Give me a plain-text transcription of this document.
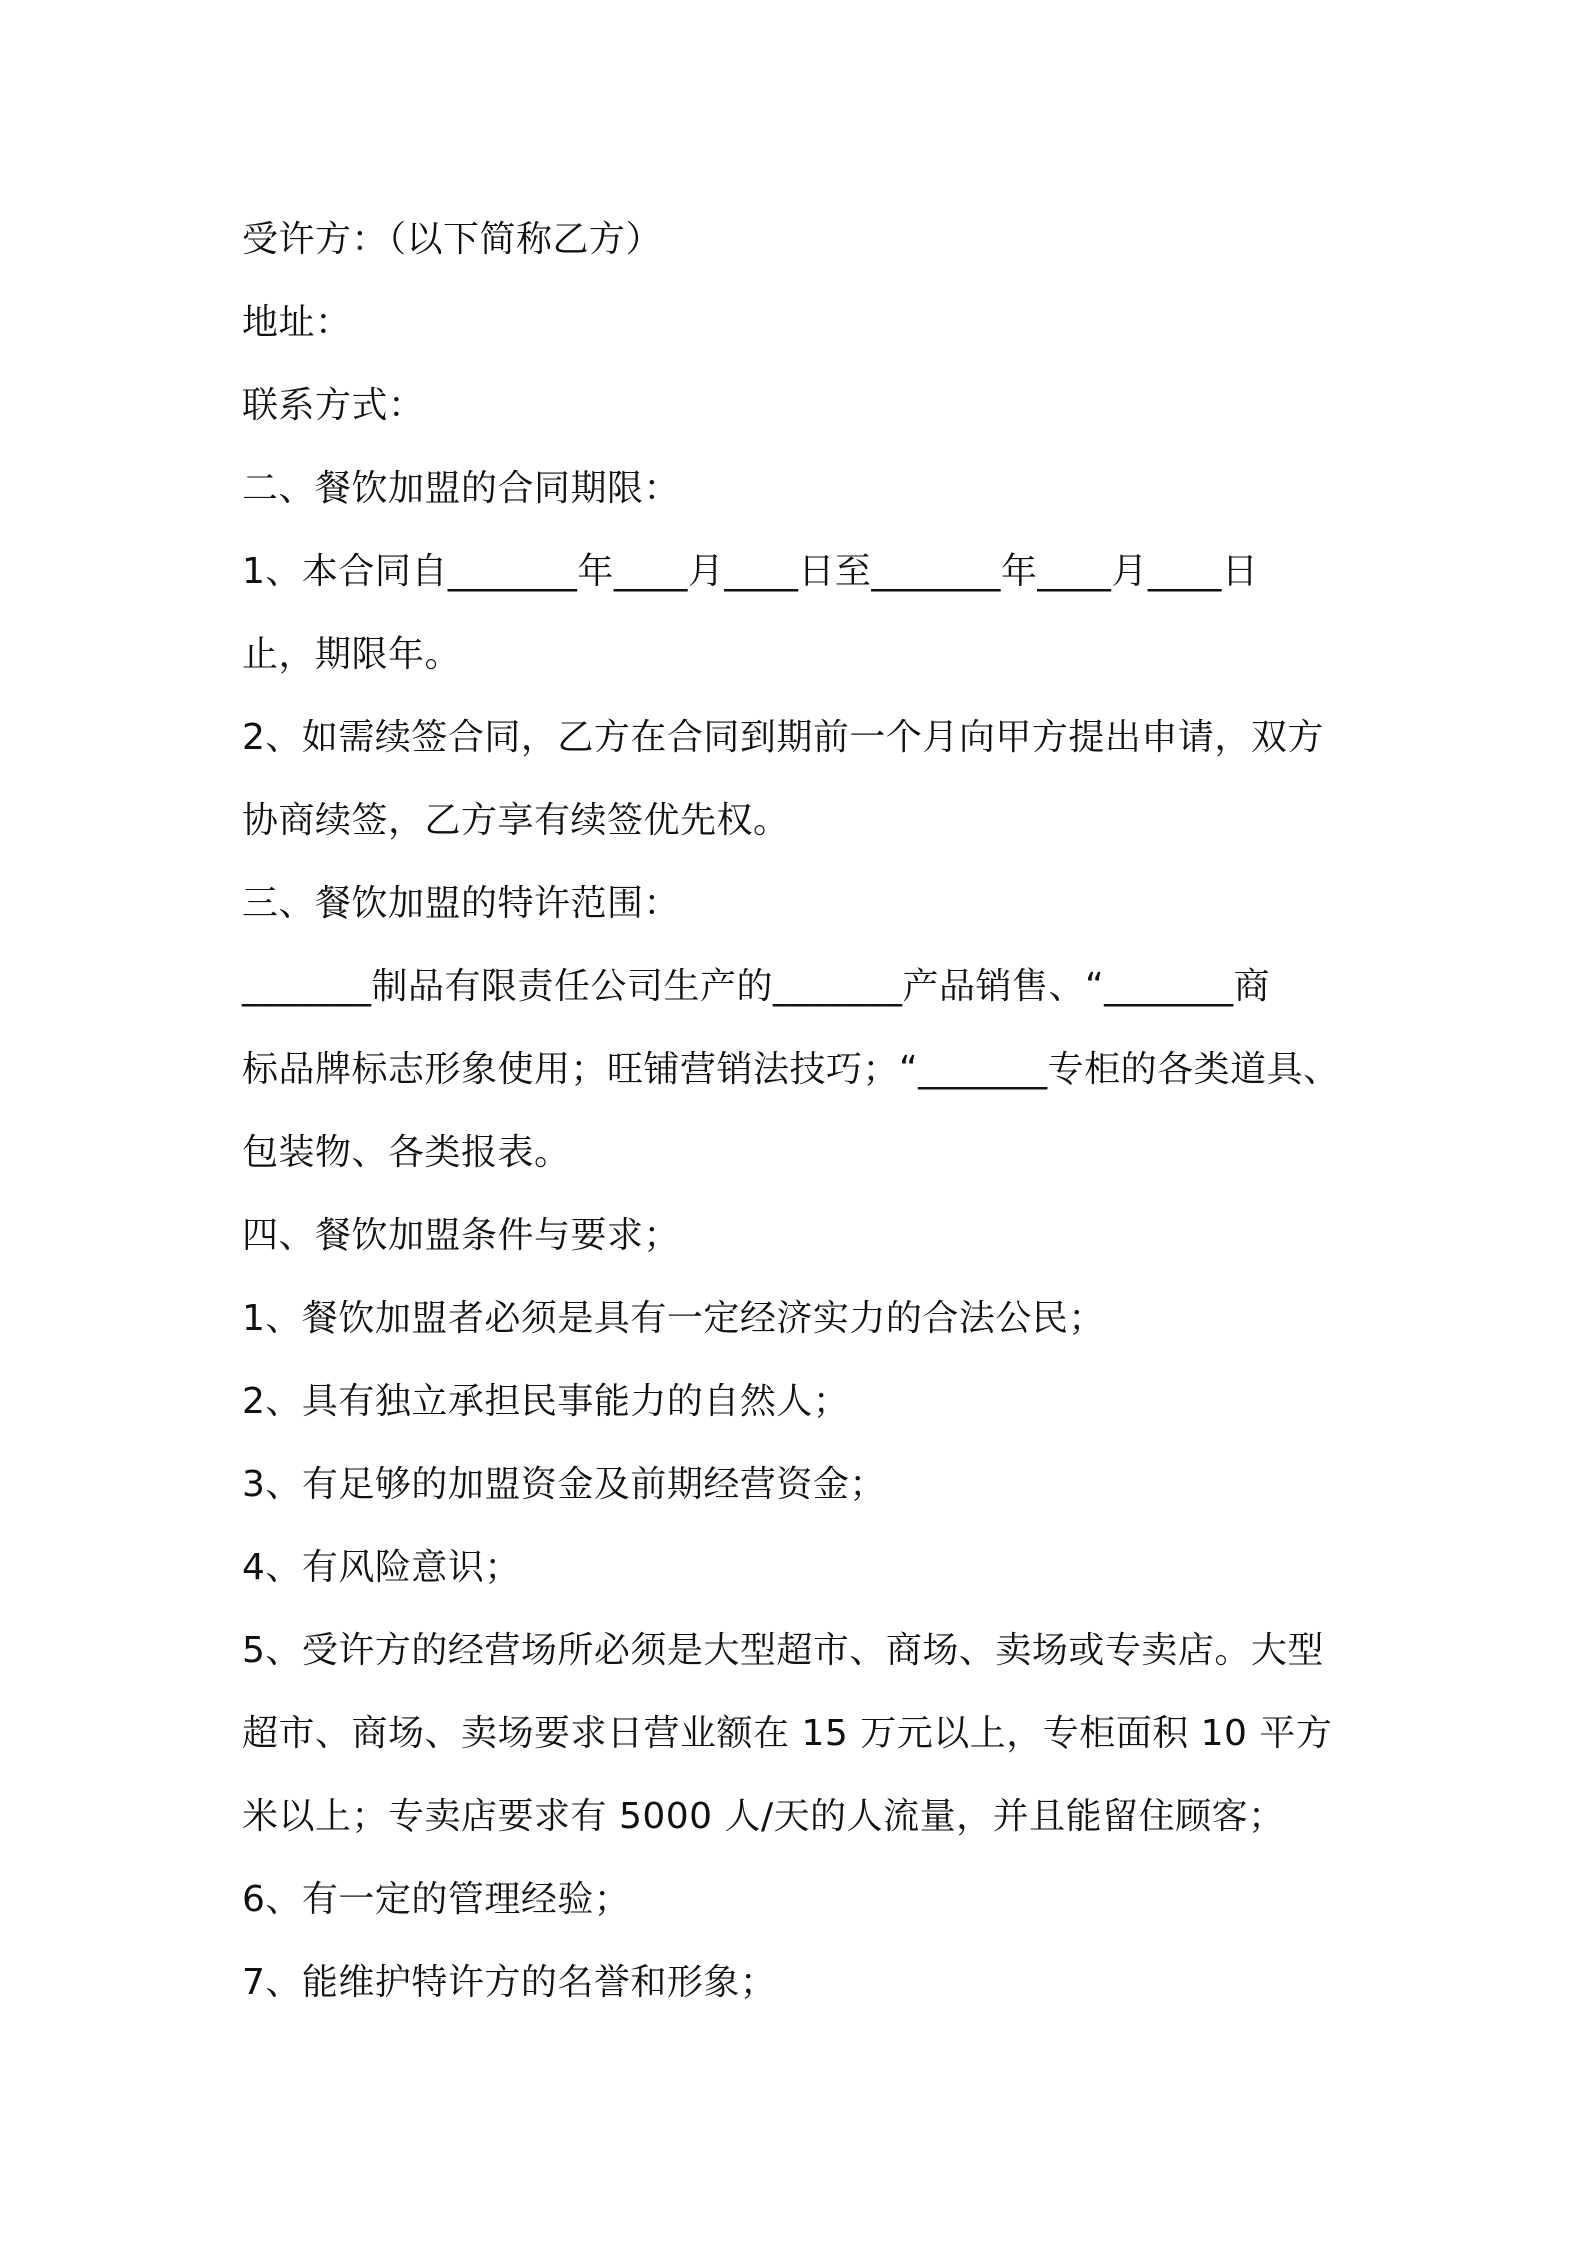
受许方：（以下简称乙方）
地址：
联系方式：
二、餐饮加盟的合同期限：
1、本合同自_______年____月____日至_______年____月____日
止，期限年。
2、如需续签合同，乙方在合同到期前一个月向甲方提出申请，双方
协商续签，乙方享有续签优先权。
三、餐饮加盟的特许范围：
_______制品有限责任公司生产的_______产品销售、“_______商
标品牌标志形象使用；旺铺营销法技巧；“_______专柜的各类道具、
包装物、各类报表。
四、餐饮加盟条件与要求；
1、餐饮加盟者必须是具有一定经济实力的合法公民；
2、具有独立承担民事能力的自然人；
3、有足够的加盟资金及前期经营资金；
4、有风险意识；
5、受许方的经营场所必须是大型超市、商场、卖场或专卖店。大型
超市、商场、卖场要求日营业额在 15 万元以上，专柜面积 10 平方
米以上；专卖店要求有 5000 人/天的人流量，并且能留住顾客；
6、有一定的管理经验；
7、能维护特许方的名誉和形象；
